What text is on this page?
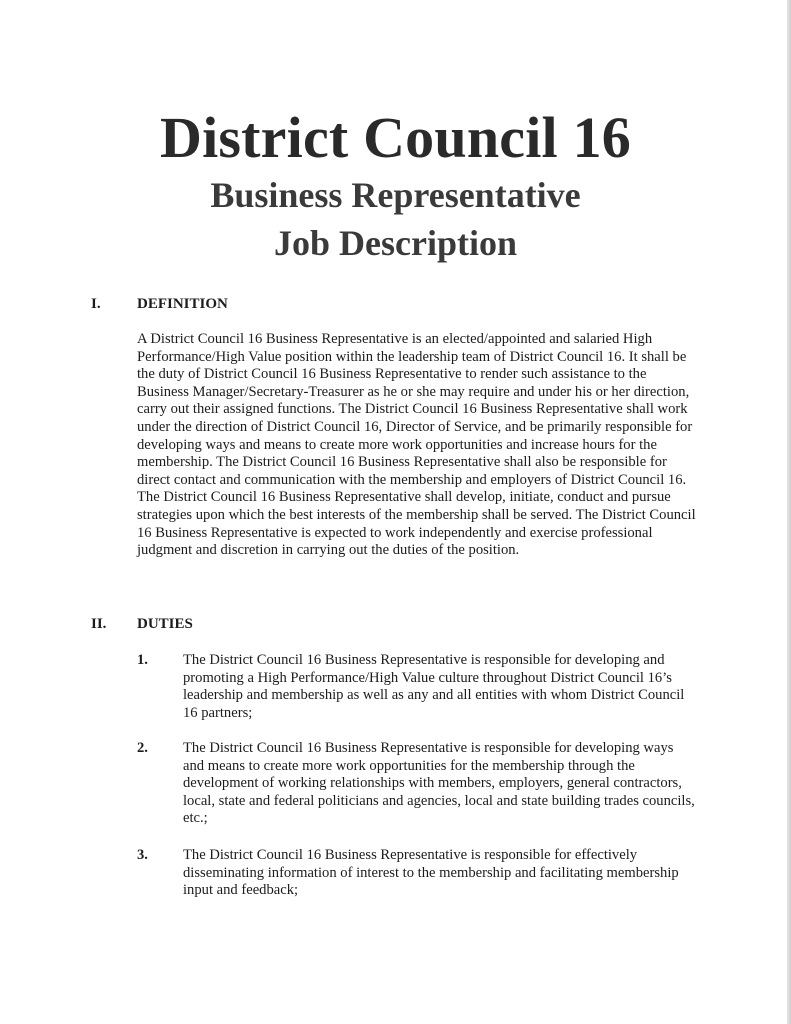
District Council 16
Business Representative
Job Description
I. DEFINITION

A District Council 16 Business Representative is an elected/appointed and salaried High Performance/High Value position within the leadership team of District Council 16. It shall be the duty of District Council 16 Business Representative to render such assistance to the Business Manager/Secretary-Treasurer as he or she may require and under his or her direction, carry out their assigned functions. The District Council 16 Business Representative shall work under the direction of District Council 16, Director of Service, and be primarily responsible for developing ways and means to create more work opportunities and increase hours for the membership. The District Council 16 Business Representative shall also be responsible for direct contact and communication with the membership and employers of District Council 16. The District Council 16 Business Representative shall develop, initiate, conduct and pursue strategies upon which the best interests of the membership shall be served. The District Council 16 Business Representative is expected to work independently and exercise professional judgment and discretion in carrying out the duties of the position.

II. DUTIES
1. The District Council 16 Business Representative is responsible for developing and promoting a High Performance/High Value culture throughout District Council 16’s leadership and membership as well as any and all entities with whom District Council 16 partners;

2. The District Council 16 Business Representative is responsible for developing ways and means to create more work opportunities for the membership through the development of working relationships with members, employers, general contractors, local, state and federal politicians and agencies, local and state building trades councils, etc.;

3. The District Council 16 Business Representative is responsible for effectively disseminating information of interest to the membership and facilitating membership input and feedback;
